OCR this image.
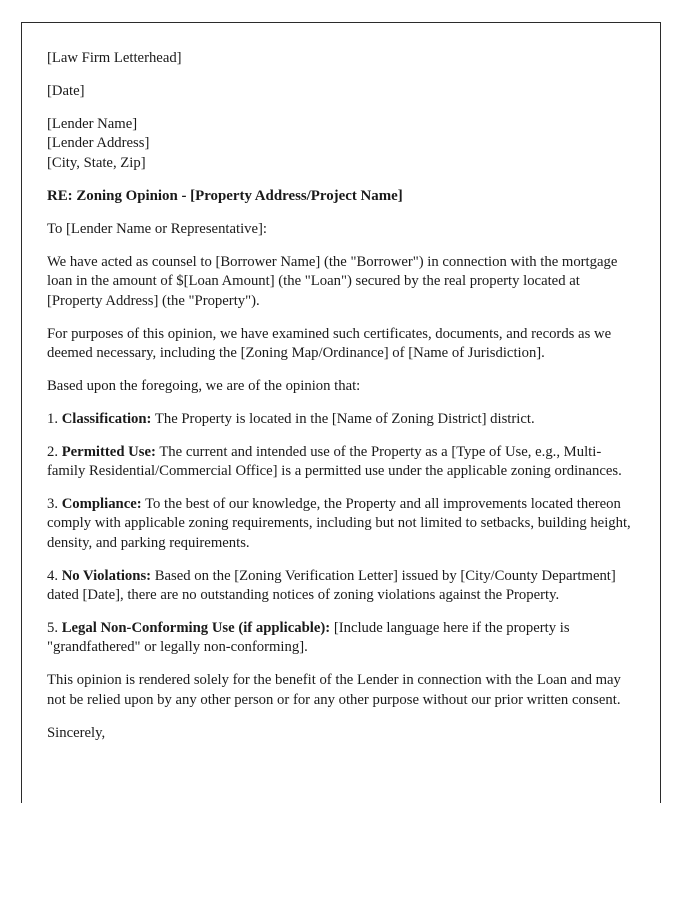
[Law Firm Letterhead]

[Date]

[Lender Name]
[Lender Address]
[City, State, Zip]

RE: Zoning Opinion - [Property Address/Project Name]

To [Lender Name or Representative]:

We have acted as counsel to [Borrower Name] (the "Borrower") in connection with the mortgage loan in the amount of $[Loan Amount] (the "Loan") secured by the real property located at [Property Address] (the "Property").

For purposes of this opinion, we have examined such certificates, documents, and records as we deemed necessary, including the [Zoning Map/Ordinance] of [Name of Jurisdiction].

Based upon the foregoing, we are of the opinion that:

1. Classification: The Property is located in the [Name of Zoning District] district.

2. Permitted Use: The current and intended use of the Property as a [Type of Use, e.g., Multi-family Residential/Commercial Office] is a permitted use under the applicable zoning ordinances.

3. Compliance: To the best of our knowledge, the Property and all improvements located thereon comply with applicable zoning requirements, including but not limited to setbacks, building height, density, and parking requirements.

4. No Violations: Based on the [Zoning Verification Letter] issued by [City/County Department] dated [Date], there are no outstanding notices of zoning violations against the Property.

5. Legal Non-Conforming Use (if applicable): [Include language here if the property is "grandfathered" or legally non-conforming].

This opinion is rendered solely for the benefit of the Lender in connection with the Loan and may not be relied upon by any other person or for any other purpose without our prior written consent.

Sincerely,
